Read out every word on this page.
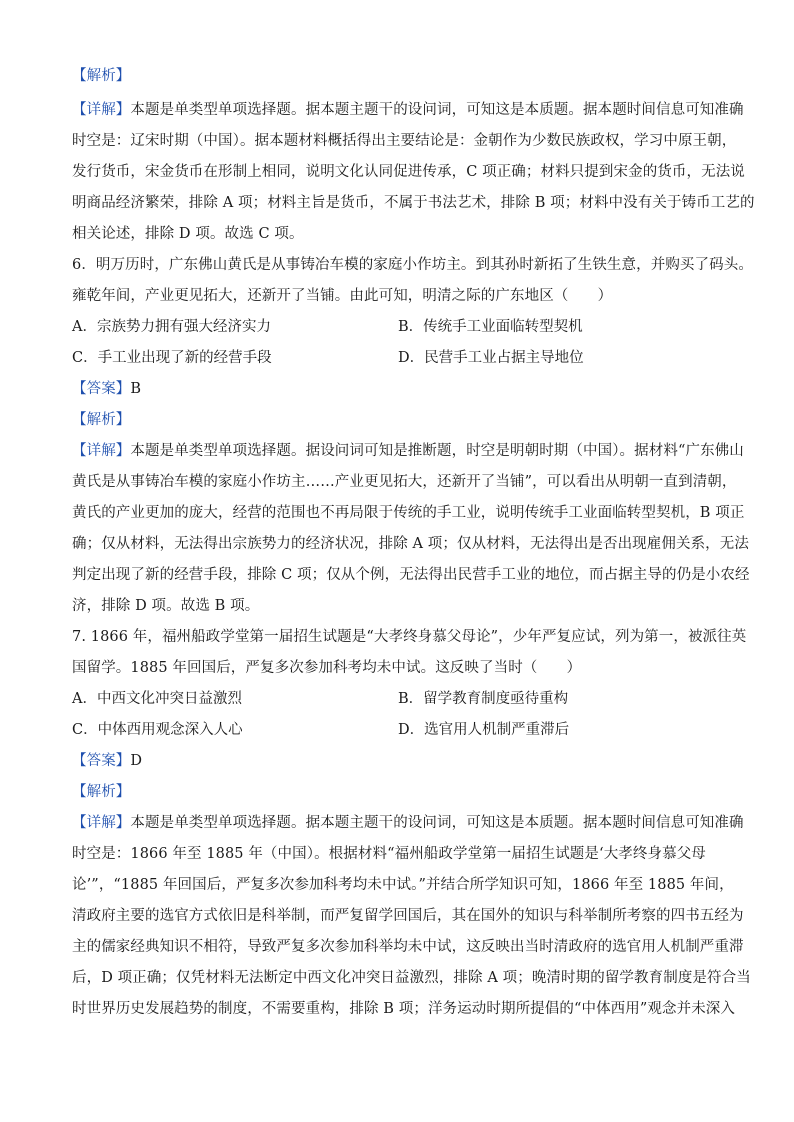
【解析】
【详解】本题是单类型单项选择题。据本题主题干的设问词，可知这是本质题。据本题时间信息可知准确
时空是：辽宋时期（中国）。据本题材料概括得出主要结论是：金朝作为少数民族政权，学习中原王朝，
发行货币，宋金货币在形制上相同，说明文化认同促进传承，C 项正确；材料只提到宋金的货币，无法说
明商品经济繁荣，排除 A 项；材料主旨是货币，不属于书法艺术，排除 B 项；材料中没有关于铸币工艺的
相关论述，排除 D 项。故选 C 项。
6．明万历时，广东佛山黄氏是从事铸冶车模的家庭小作坊主。到其孙时新拓了生铁生意，并购买了码头。
雍乾年间，产业更见拓大，还新开了当铺。由此可知，明清之际的广东地区（　　）
A．宗族势力拥有强大经济实力	B．传统手工业面临转型契机
C．手工业出现了新的经营手段	D．民营手工业占据主导地位
【答案】B
【解析】
【详解】本题是单类型单项选择题。据设问词可知是推断题，时空是明朝时期（中国）。据材料“广东佛山
黄氏是从事铸冶车模的家庭小作坊主……产业更见拓大，还新开了当铺”，可以看出从明朝一直到清朝，
黄氏的产业更加的庞大，经营的范围也不再局限于传统的手工业，说明传统手工业面临转型契机，B 项正
确；仅从材料，无法得出宗族势力的经济状况，排除 A 项；仅从材料，无法得出是否出现雇佣关系，无法
判定出现了新的经营手段，排除 C 项；仅从个例，无法得出民营手工业的地位，而占据主导的仍是小农经
济，排除 D 项。故选 B 项。
7. 1866 年，福州船政学堂第一届招生试题是“大孝终身慕父母论”，少年严复应试，列为第一，被派往英
国留学。1885 年回国后，严复多次参加科考均未中试。这反映了当时（　　）
A．中西文化冲突日益激烈	B．留学教育制度亟待重构
C．中体西用观念深入人心	D．选官用人机制严重滞后
【答案】D
【解析】
【详解】本题是单类型单项选择题。据本题主题干的设问词，可知这是本质题。据本题时间信息可知准确
时空是：1866 年至 1885 年（中国）。根据材料“福州船政学堂第一届招生试题是‘大孝终身慕父母
论’”，“1885 年回国后，严复多次参加科考均未中试。”并结合所学知识可知，1866 年至 1885 年间，
清政府主要的选官方式依旧是科举制，而严复留学回国后，其在国外的知识与科举制所考察的四书五经为
主的儒家经典知识不相符，导致严复多次参加科举均未中试，这反映出当时清政府的选官用人机制严重滞
后，D 项正确；仅凭材料无法断定中西文化冲突日益激烈，排除 A 项；晚清时期的留学教育制度是符合当
时世界历史发展趋势的制度，不需要重构，排除 B 项；洋务运动时期所提倡的“中体西用”观念并未深入
